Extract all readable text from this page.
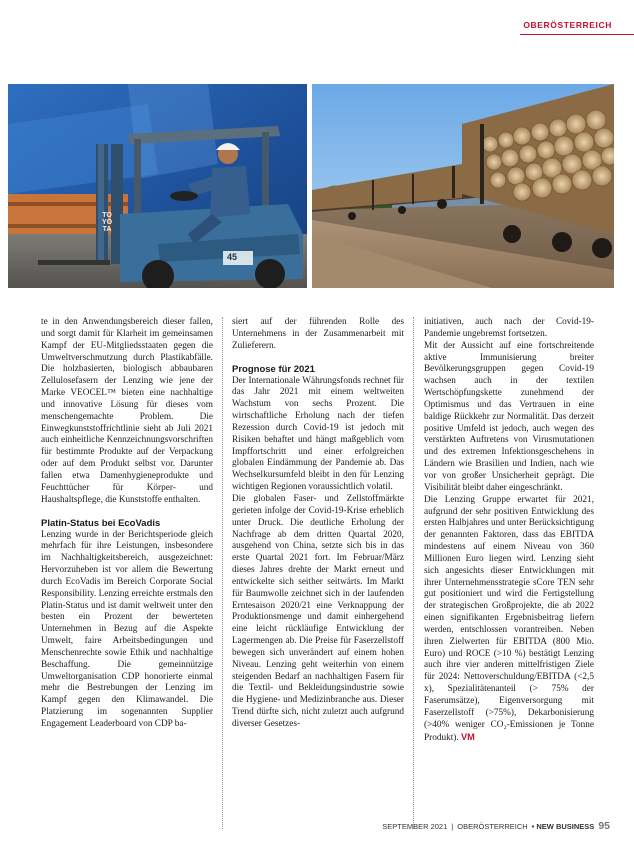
OBERÖSTERREICH
TOYOTA
45

te in den Anwendungsbereich dieser fallen, und sorgt damit für Klarheit im gemeinsamen Kampf der EU-Mitgliedsstaaten gegen die Umweltverschmutzung durch Plastikabfälle. Die holzbasierten, biologisch abbaubaren Zellulosefasern der Lenzing wie jene der Marke VEOCEL™ bieten eine nachhaltige und innovative Lösung für dieses vom menschengemachte Problem. Die Einwegkunststoffrichtlinie sieht ab Juli 2021 auch einheitliche Kennzeichnungsvorschriften für bestimmte Produkte auf der Verpackung oder auf dem Produkt selbst vor. Darunter fallen etwa Damenhygieneprodukte und Feuchttücher für Körper- und Haushaltspflege, die Kunststoffe enthalten.

Platin-Status bei EcoVadis

Lenzing wurde in der Berichtsperiode gleich mehrfach für ihre Leistungen, insbesondere im Nachhaltigkeitsbereich, ausgezeichnet: Hervorzuheben ist vor allem die Bewertung durch EcoVadis im Bereich Corporate Social Responsibility. Lenzing erreichte erstmals den Platin-Status und ist damit weltweit unter den besten ein Prozent der bewerteten Unternehmen in Bezug auf die Aspekte Umwelt, faire Arbeitsbedingungen und Menschenrechte sowie Ethik und nachhaltige Beschaffung. Die gemeinnützige Umweltorganisation CDP honorierte einmal mehr die Bestrebungen der Lenzing im Kampf gegen den Klimawandel. Die Platzierung im sogenannten Supplier Engagement Leaderboard von CDP ba-

siert auf der führenden Rolle des Unternehmens in der Zusammenarbeit mit Zulieferern.

Prognose für 2021

Der Internationale Währungsfonds rechnet für das Jahr 2021 mit einem weltweiten Wachstum von sechs Prozent. Die wirtschaftliche Erholung nach der tiefen Rezession durch Covid-19 ist jedoch mit Risiken behaftet und hängt maßgeblich vom Impffortschritt und einer erfolgreichen globalen Eindämmung der Pandemie ab. Das Wechselkursumfeld bleibt in den für Lenzing wichtigen Regionen voraussichtlich volatil.

Die globalen Faser- und Zellstoffmärkte gerieten infolge der Covid-19-Krise erheblich unter Druck. Die deutliche Erholung der Nachfrage ab dem dritten Quartal 2020, ausgehend von China, setzte sich bis in das erste Quartal 2021 fort. Im Februar/März dieses Jahres drehte der Markt erneut und entwickelte sich seither seitwärts. Im Markt für Baumwolle zeichnet sich in der laufenden Erntesaison 2020/21 eine Verknappung der Produktionsmenge und damit einhergehend eine leicht rückläufige Entwicklung der Lagermengen ab. Die Preise für Faserzellstoff bewegen sich unverändert auf einem hohen Niveau. Lenzing geht weiterhin von einem steigenden Bedarf an nachhaltigen Fasern für die Textil- und Bekleidungsindustrie sowie die Hygiene- und Medizinbranche aus. Dieser Trend dürfte sich, nicht zuletzt auch aufgrund diverser Gesetzes-

initiativen, auch nach der Covid-19-Pandemie ungebremst fortsetzen.

Mit der Aussicht auf eine fortschreitende aktive Immunisierung breiter Bevölkerungsgruppen gegen Covid-19 wachsen auch in der textilen Wertschöpfungskette zunehmend der Optimismus und das Vertrauen in eine baldige Rückkehr zur Normalität. Das derzeit positive Umfeld ist jedoch, auch wegen des verstärkten Auftretens von Virusmutationen und des extremen Infektionsgeschehens in Ländern wie Brasilien und Indien, nach wie vor von großer Unsicherheit geprägt. Die Visibilität bleibt daher eingeschränkt.

Die Lenzing Gruppe erwartet für 2021, aufgrund der sehr positiven Entwicklung des ersten Halbjahres und unter Berücksichtigung der genannten Faktoren, dass das EBITDA mindestens auf einem Niveau von 360 Millionen Euro liegen wird. Lenzing sieht sich angesichts dieser Entwicklungen mit ihrer Unternehmensstrategie sCore TEN sehr gut positioniert und wird die Fertigstellung der strategischen Großprojekte, die ab 2022 einen signifikanten Ergebnisbeitrag liefern werden, entschlossen vorantreiben. Neben ihren Zielwerten für EBITDA (800 Mio. Euro) und ROCE (>10 %) bestätigt Lenzing auch ihre vier anderen mittelfristigen Ziele für 2024: Nettoverschuldung/EBITDA (<2,5 x), Spezialitätenanteil (> 75% der Faserumsätze), Eigenversorgung mit Faserzellstoff (>75%), Dekarbonisierung (>40% weniger CO₂-Emissionen je Tonne Produkt). VM

SEPTEMBER 2021 | OBERÖSTERREICH • NEW BUSINESS 95
